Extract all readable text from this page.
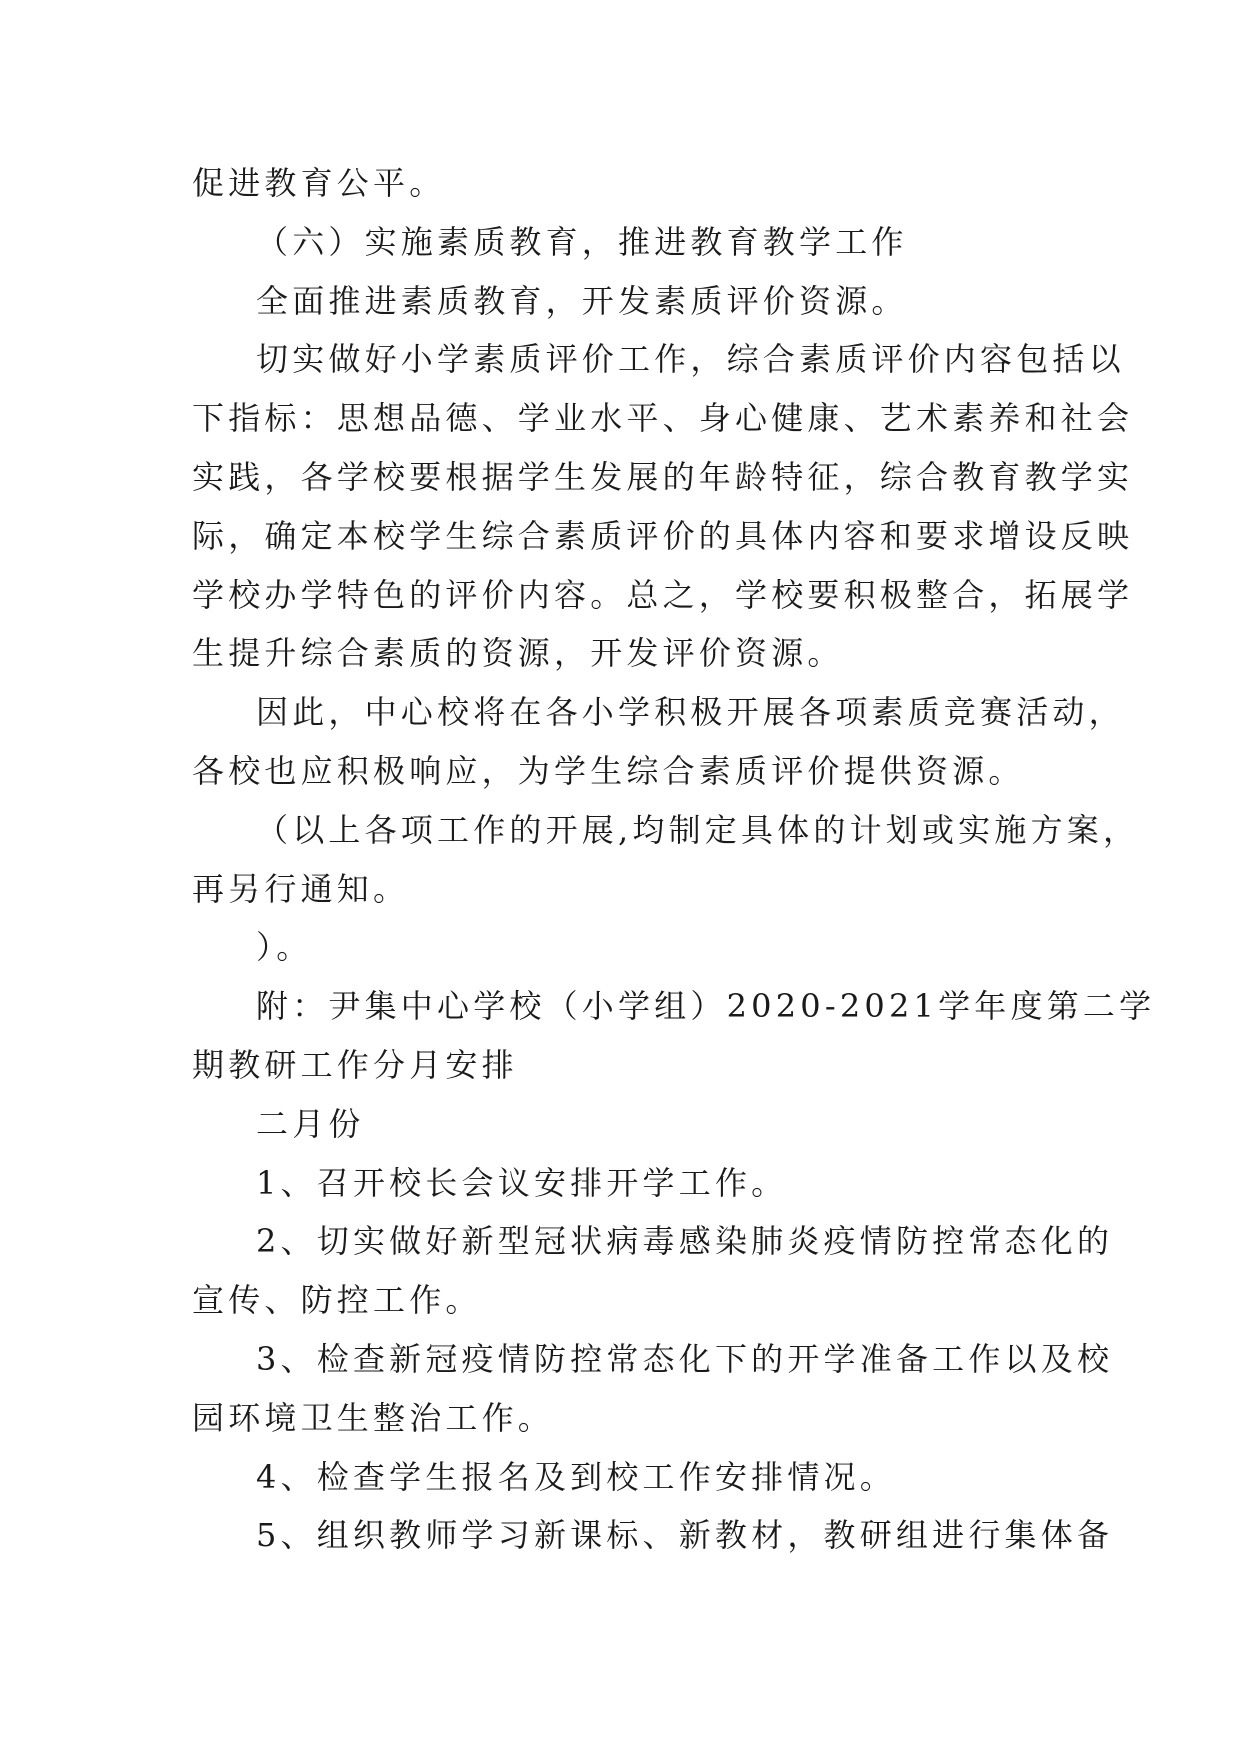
促进教育公平。
（六）实施素质教育，推进教育教学工作
全面推进素质教育，开发素质评价资源。
切实做好小学素质评价工作，综合素质评价内容包括以
下指标：思想品德、学业水平、身心健康、艺术素养和社会
实践，各学校要根据学生发展的年龄特征，综合教育教学实
际，确定本校学生综合素质评价的具体内容和要求增设反映
学校办学特色的评价内容。总之，学校要积极整合，拓展学
生提升综合素质的资源，开发评价资源。
因此，中心校将在各小学积极开展各项素质竞赛活动，
各校也应积极响应，为学生综合素质评价提供资源。
（以上各项工作的开展,均制定具体的计划或实施方案，
再另行通知。
）。
附：尹集中心学校（小学组）2020-2021学年度第二学
期教研工作分月安排
二月份
1、召开校长会议安排开学工作。
2、切实做好新型冠状病毒感染肺炎疫情防控常态化的
宣传、防控工作。
3、检查新冠疫情防控常态化下的开学准备工作以及校
园环境卫生整治工作。
4、检查学生报名及到校工作安排情况。
5、组织教师学习新课标、新教材，教研组进行集体备
